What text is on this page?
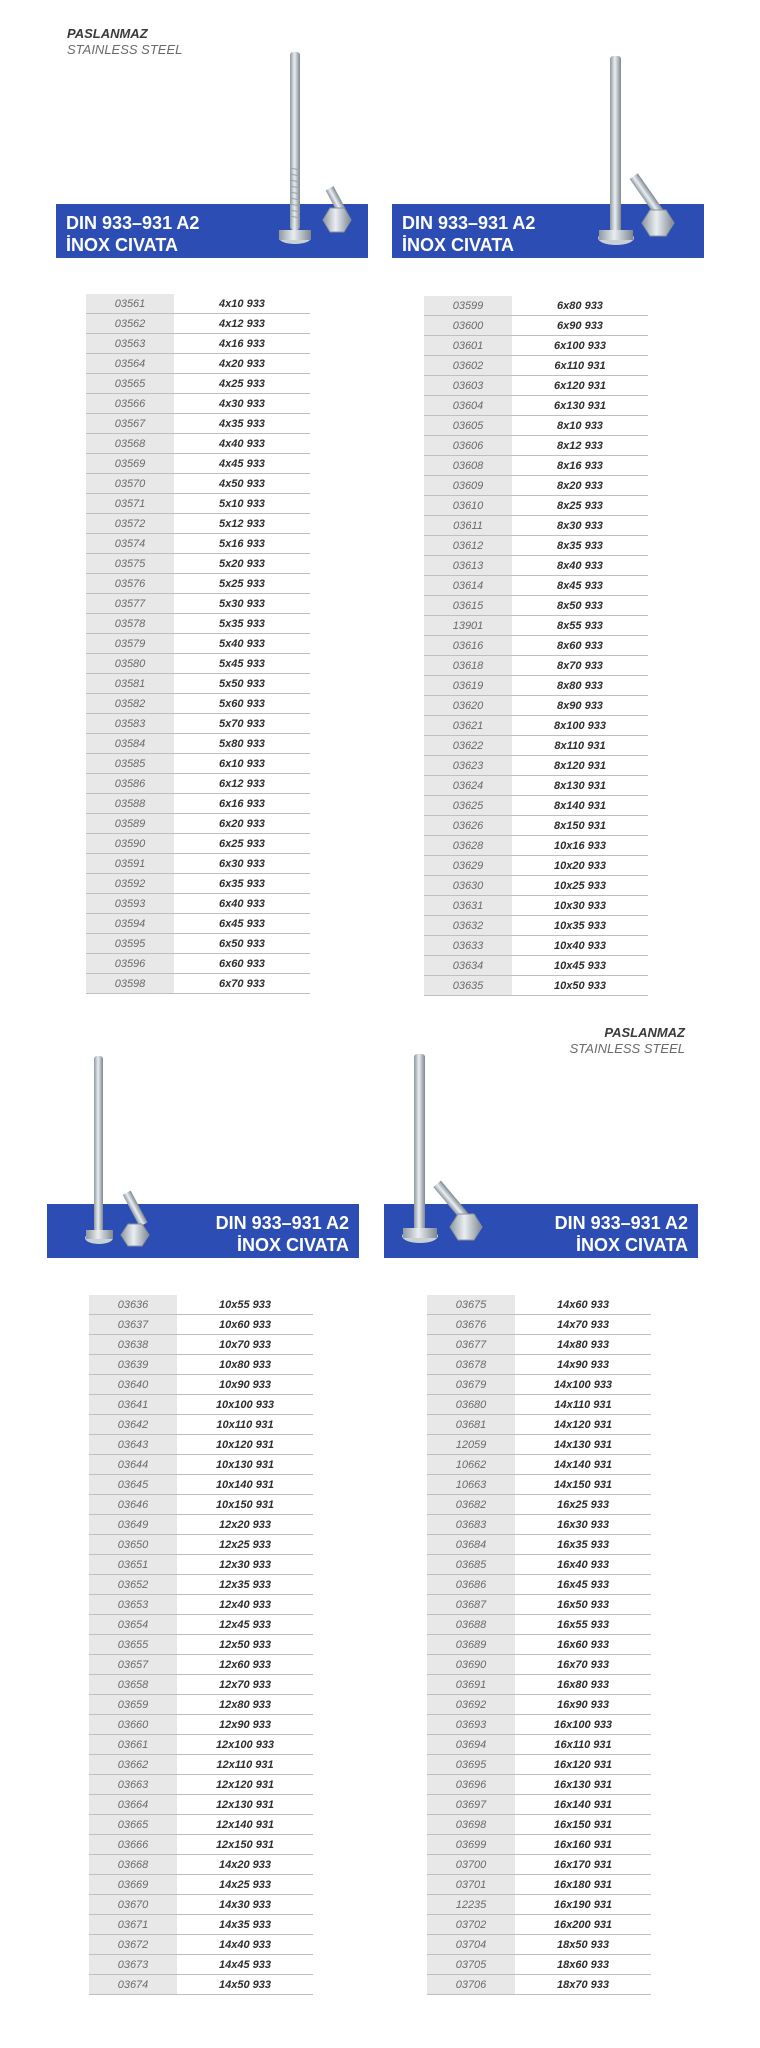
PASLANMAZ
STAINLESS STEEL
PASLANMAZ
STAINLESS STEEL
DIN 933–931 A2
İNOX CIVATA
DIN 933–931 A2
İNOX CIVATA
DIN 933–931 A2
İNOX CIVATA
DIN 933–931 A2
İNOX CIVATA
03561	4x10 933
03562	4x12 933
03563	4x16 933
03564	4x20 933
03565	4x25 933
03566	4x30 933
03567	4x35 933
03568	4x40 933
03569	4x45 933
03570	4x50 933
03571	5x10 933
03572	5x12 933
03574	5x16 933
03575	5x20 933
03576	5x25 933
03577	5x30 933
03578	5x35 933
03579	5x40 933
03580	5x45 933
03581	5x50 933
03582	5x60 933
03583	5x70 933
03584	5x80 933
03585	6x10 933
03586	6x12 933
03588	6x16 933
03589	6x20 933
03590	6x25 933
03591	6x30 933
03592	6x35 933
03593	6x40 933
03594	6x45 933
03595	6x50 933
03596	6x60 933
03598	6x70 933
03599	6x80 933
03600	6x90 933
03601	6x100 933
03602	6x110 931
03603	6x120 931
03604	6x130 931
03605	8x10 933
03606	8x12 933
03608	8x16 933
03609	8x20 933
03610	8x25 933
03611	8x30 933
03612	8x35 933
03613	8x40 933
03614	8x45 933
03615	8x50 933
13901	8x55 933
03616	8x60 933
03618	8x70 933
03619	8x80 933
03620	8x90 933
03621	8x100 933
03622	8x110 931
03623	8x120 931
03624	8x130 931
03625	8x140 931
03626	8x150 931
03628	10x16 933
03629	10x20 933
03630	10x25 933
03631	10x30 933
03632	10x35 933
03633	10x40 933
03634	10x45 933
03635	10x50 933
03636	10x55 933
03637	10x60 933
03638	10x70 933
03639	10x80 933
03640	10x90 933
03641	10x100 933
03642	10x110 931
03643	10x120 931
03644	10x130 931
03645	10x140 931
03646	10x150 931
03649	12x20 933
03650	12x25 933
03651	12x30 933
03652	12x35 933
03653	12x40 933
03654	12x45 933
03655	12x50 933
03657	12x60 933
03658	12x70 933
03659	12x80 933
03660	12x90 933
03661	12x100 933
03662	12x110 931
03663	12x120 931
03664	12x130 931
03665	12x140 931
03666	12x150 931
03668	14x20 933
03669	14x25 933
03670	14x30 933
03671	14x35 933
03672	14x40 933
03673	14x45 933
03674	14x50 933
03675	14x60 933
03676	14x70 933
03677	14x80 933
03678	14x90 933
03679	14x100 933
03680	14x110 931
03681	14x120 931
12059	14x130 931
10662	14x140 931
10663	14x150 931
03682	16x25 933
03683	16x30 933
03684	16x35 933
03685	16x40 933
03686	16x45 933
03687	16x50 933
03688	16x55 933
03689	16x60 933
03690	16x70 933
03691	16x80 933
03692	16x90 933
03693	16x100 933
03694	16x110 931
03695	16x120 931
03696	16x130 931
03697	16x140 931
03698	16x150 931
03699	16x160 931
03700	16x170 931
03701	16x180 931
12235	16x190 931
03702	16x200 931
03704	18x50 933
03705	18x60 933
03706	18x70 933
